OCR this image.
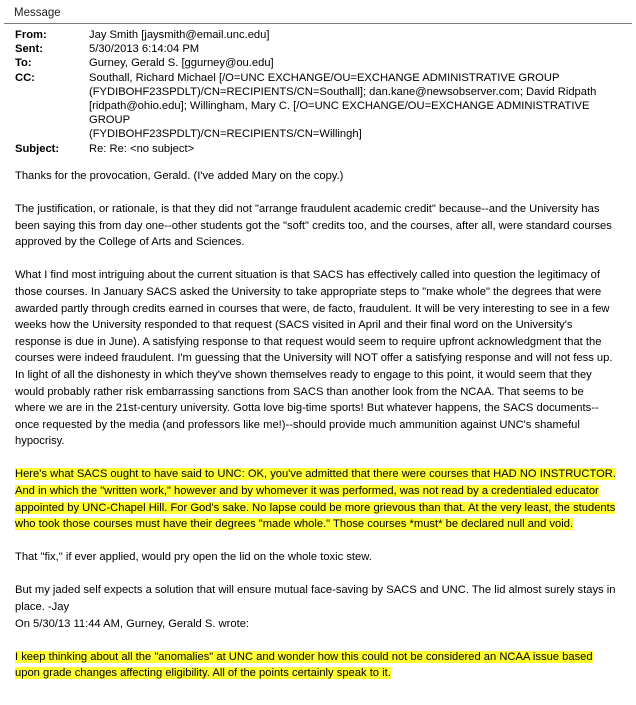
Message
From:	Jay Smith [jaysmith@email.unc.edu]
Sent:	5/30/2013 6:14:04 PM
To:	Gurney, Gerald S. [ggurney@ou.edu]
CC:	Southall, Richard Michael [/O=UNC EXCHANGE/OU=EXCHANGE ADMINISTRATIVE GROUP
(FYDIBOHF23SPDLT)/CN=RECIPIENTS/CN=Southall]; dan.kane@newsobserver.com; David Ridpath
[ridpath@ohio.edu]; Willingham, Mary C. [/O=UNC EXCHANGE/OU=EXCHANGE ADMINISTRATIVE GROUP
(FYDIBOHF23SPDLT)/CN=RECIPIENTS/CN=Willingh]
Subject:	Re: Re: <no subject>

Thanks for the provocation, Gerald. (I've added Mary on the copy.)

The justification, or rationale, is that they did not "arrange fraudulent academic credit" because--and the University has been saying this from day one--other students got the "soft" credits too, and the courses, after all, were standard courses approved by the College of Arts and Sciences.

What I find most intriguing about the current situation is that SACS has effectively called into question the legitimacy of those courses. In January SACS asked the University to take appropriate steps to "make whole" the degrees that were awarded partly through credits earned in courses that were, de facto, fraudulent. It will be very interesting to see in a few weeks how the University responded to that request (SACS visited in April and their final word on the University's response is due in June). A satisfying response to that request would seem to require upfront acknowledgment that the courses were indeed fraudulent. I'm guessing that the University will NOT offer a satisfying response and will not fess up. In light of all the dishonesty in which they've shown themselves ready to engage to this point, it would seem that they would probably rather risk embarrassing sanctions from SACS than another look from the NCAA. That seems to be where we are in the 21st-century university. Gotta love big-time sports! But whatever happens, the SACS documents--once requested by the media (and professors like me!)--should provide much ammunition against UNC's shameful hypocrisy.

Here's what SACS ought to have said to UNC: OK, you've admitted that there were courses that HAD NO INSTRUCTOR. And in which the "written work," however and by whomever it was performed, was not read by a credentialed educator appointed by UNC-Chapel Hill. For God's sake. No lapse could be more grievous than that. At the very least, the students who took those courses must have their degrees "made whole." Those courses *must* be declared null and void.

That "fix," if ever applied, would pry open the lid on the whole toxic stew.

But my jaded self expects a solution that will ensure mutual face-saving by SACS and UNC. The lid almost surely stays in place. -Jay

On 5/30/13 11:44 AM, Gurney, Gerald S. wrote:

I keep thinking about all the "anomalies" at UNC and wonder how this could not be considered an NCAA issue based upon grade changes affecting eligibility. All of the points certainly speak to it.
